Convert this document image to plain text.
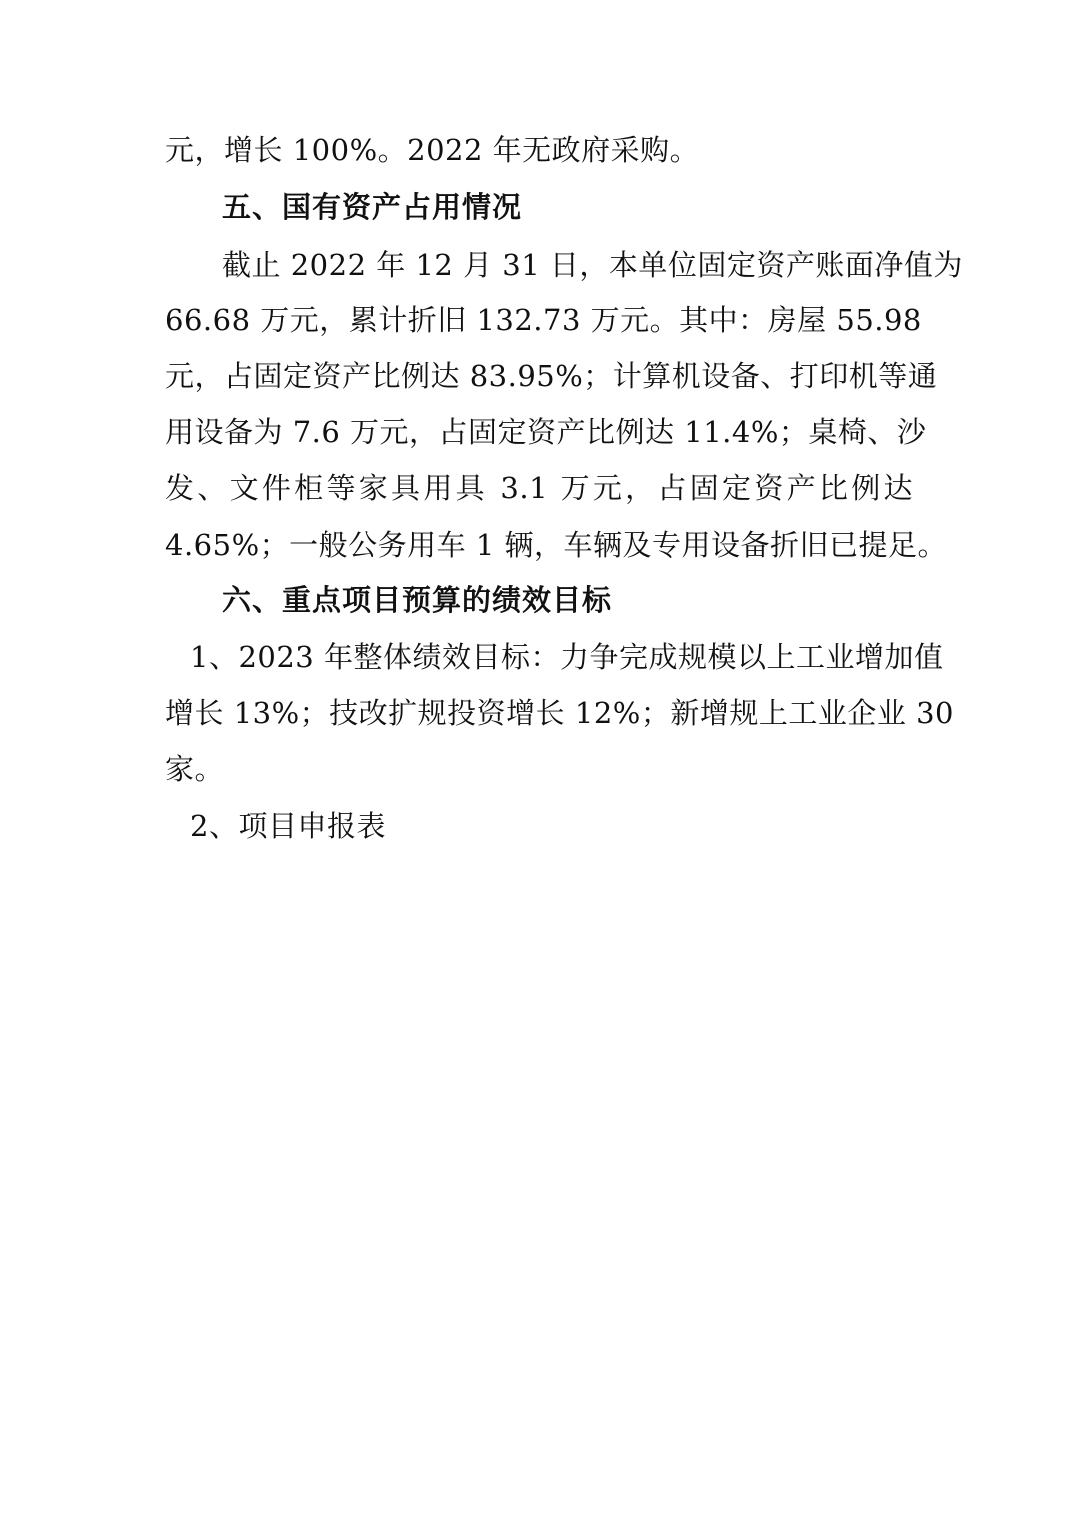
元，增长 100%。2022 年无政府采购。
五、国有资产占用情况
截止 2022 年 12 月 31 日，本单位固定资产账面净值为
66.68 万元，累计折旧 132.73 万元。其中：房屋 55.98
元，占固定资产比例达 83.95%；计算机设备、打印机等通
用设备为 7.6 万元，占固定资产比例达 11.4%；桌椅、沙
发、文件柜等家具用具 3.1 万元，占固定资产比例达
4.65%；一般公务用车 1 辆，车辆及专用设备折旧已提足。
六、重点项目预算的绩效目标
1、2023 年整体绩效目标：力争完成规模以上工业增加值
增长 13%；技改扩规投资增长 12%；新增规上工业企业 30
家。
2、项目申报表
